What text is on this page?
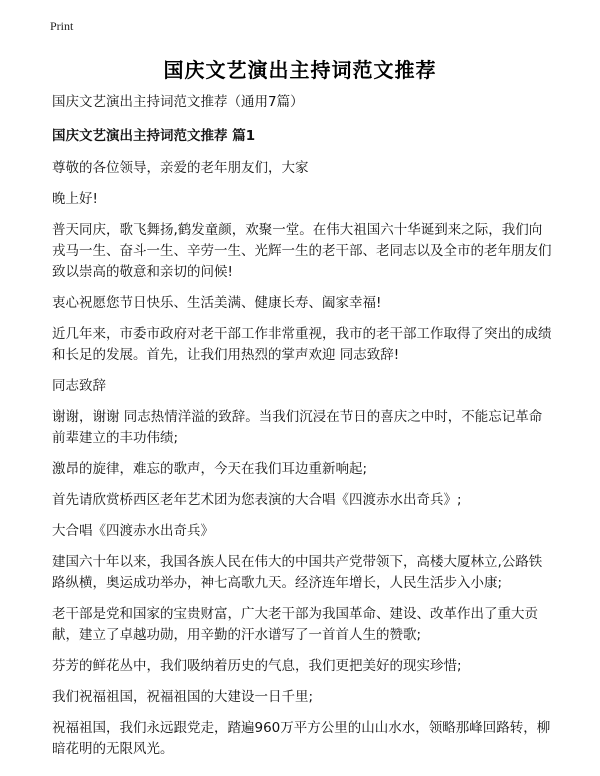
Print
国庆文艺演出主持词范文推荐
国庆文艺演出主持词范文推荐（通用7篇）
国庆文艺演出主持词范文推荐 篇1

尊敬的各位领导，亲爱的老年朋友们，大家

晚上好!

普天同庆，歌飞舞扬,鹤发童颜，欢聚一堂。在伟大祖国六十华诞到来之际，我们向戎马一生、奋斗一生、辛劳一生、光辉一生的老干部、老同志以及全市的老年朋友们致以崇高的敬意和亲切的问候!

衷心祝愿您节日快乐、生活美满、健康长寿、阖家幸福!

近几年来，市委市政府对老干部工作非常重视，我市的老干部工作取得了突出的成绩和长足的发展。首先，让我们用热烈的掌声欢迎 同志致辞!

同志致辞

谢谢，谢谢 同志热情洋溢的致辞。当我们沉浸在节日的喜庆之中时，不能忘记革命前辈建立的丰功伟绩;

激昂的旋律，难忘的歌声，今天在我们耳边重新响起;

首先请欣赏桥西区老年艺术团为您表演的大合唱《四渡赤水出奇兵》;

大合唱《四渡赤水出奇兵》

建国六十年以来，我国各族人民在伟大的中国共产党带领下，高楼大厦林立,公路铁路纵横，奥运成功举办，神七高歌九天。经济连年增长，人民生活步入小康;

老干部是党和国家的宝贵财富，广大老干部为我国革命、建设、改革作出了重大贡献，建立了卓越功勋，用辛勤的汗水谱写了一首首人生的赞歌;

芬芳的鲜花丛中，我们吸纳着历史的气息，我们更把美好的现实珍惜;

我们祝福祖国，祝福祖国的大建设一日千里;

祝福祖国，我们永远跟党走，踏遍960万平方公里的山山水水，领略那峰回路转，柳暗花明的无限风光。
